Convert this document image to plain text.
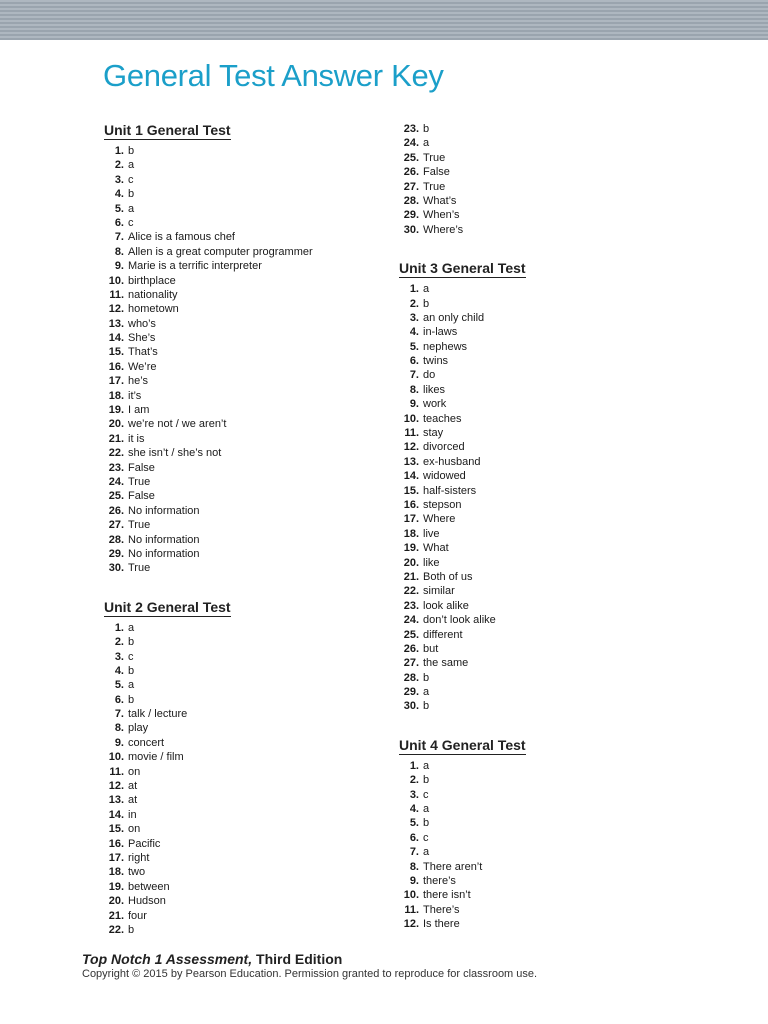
General Test Answer Key
Unit 1 General Test
1. b
2. a
3. c
4. b
5. a
6. c
7. Alice is a famous chef
8. Allen is a great computer programmer
9. Marie is a terrific interpreter
10. birthplace
11. nationality
12. hometown
13. who’s
14. She’s
15. That’s
16. We’re
17. he’s
18. it’s
19. I am
20. we’re not / we aren’t
21. it is
22. she isn’t / she’s not
23. False
24. True
25. False
26. No information
27. True
28. No information
29. No information
30. True
Unit 2 General Test
1. a
2. b
3. c
4. b
5. a
6. b
7. talk / lecture
8. play
9. concert
10. movie / film
11. on
12. at
13. at
14. in
15. on
16. Pacific
17. right
18. two
19. between
20. Hudson
21. four
22. b
23. b
24. a
25. True
26. False
27. True
28. What’s
29. When’s
30. Where’s
Unit 3 General Test
1. a
2. b
3. an only child
4. in-laws
5. nephews
6. twins
7. do
8. likes
9. work
10. teaches
11. stay
12. divorced
13. ex-husband
14. widowed
15. half-sisters
16. stepson
17. Where
18. live
19. What
20. like
21. Both of us
22. similar
23. look alike
24. don’t look alike
25. different
26. but
27. the same
28. b
29. a
30. b
Unit 4 General Test
1. a
2. b
3. c
4. a
5. b
6. c
7. a
8. There aren’t
9. there’s
10. there isn’t
11. There’s
12. Is there
Top Notch 1 Assessment, Third Edition
Copyright © 2015 by Pearson Education. Permission granted to reproduce for classroom use.
